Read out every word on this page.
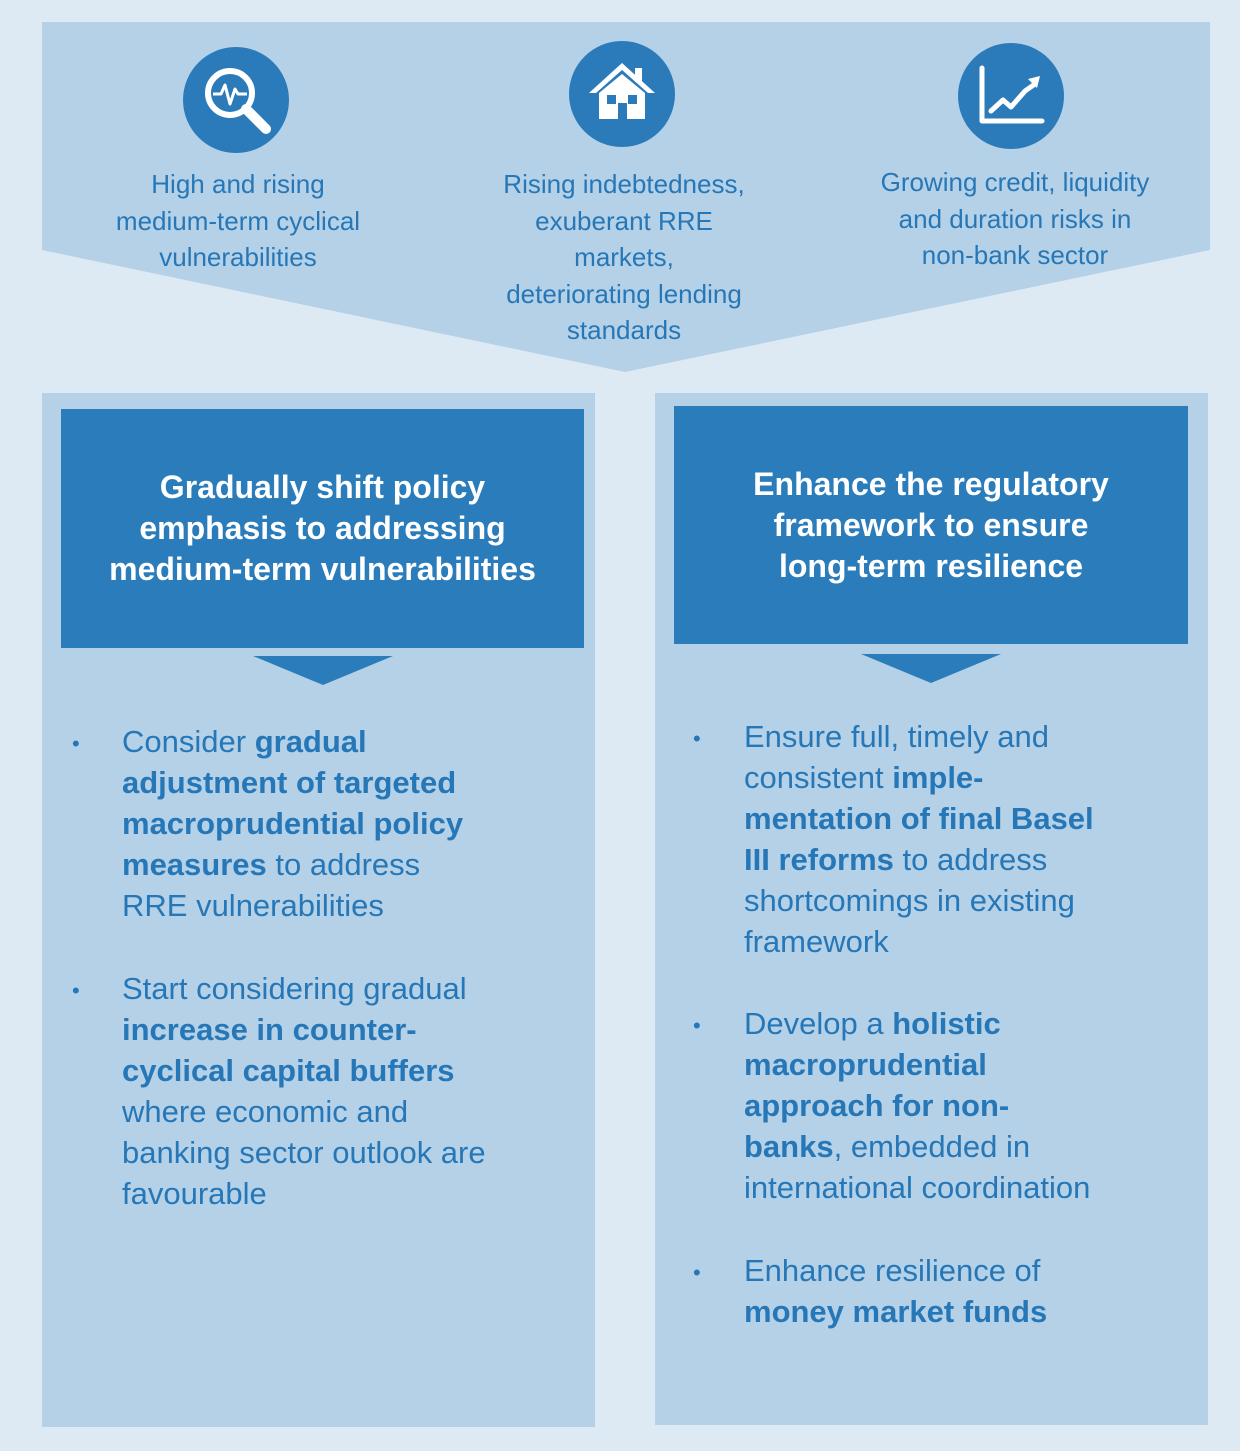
High and rising
medium-term cyclical
vulnerabilities
Rising indebtedness,
exuberant RRE
markets,
deteriorating lending
standards
Growing credit, liquidity
and duration risks in
non-bank sector
Gradually shift policy
emphasis to addressing
medium-term vulnerabilities
• Consider gradual
adjustment of targeted
macroprudential policy
measures to address
RRE vulnerabilities
• Start considering gradual
increase in counter-
cyclical capital buffers
where economic and
banking sector outlook are
favourable
Enhance the regulatory
framework to ensure
long-term resilience
• Ensure full, timely and
consistent imple-
mentation of final Basel
III reforms to address
shortcomings in existing
framework
• Develop a holistic
macroprudential
approach for non-
banks, embedded in
international coordination
• Enhance resilience of
money market funds
